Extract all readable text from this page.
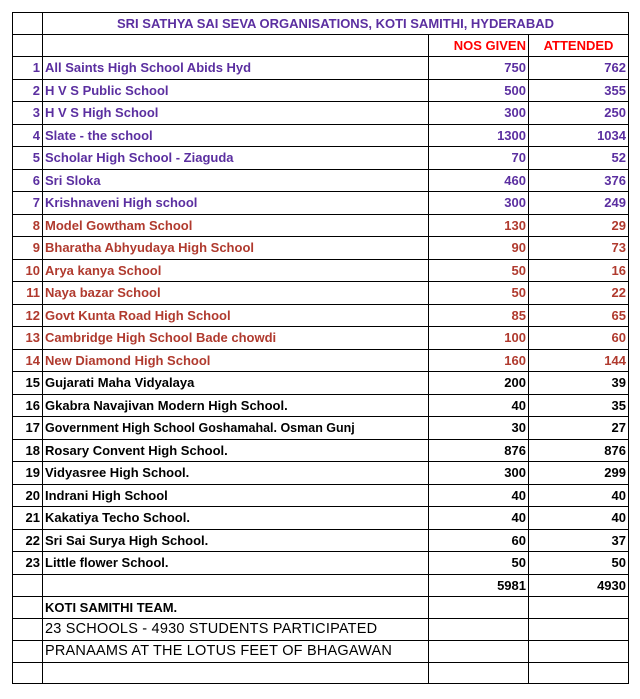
	SRI SATHYA SAI SEVA ORGANISATIONS, KOTI SAMITHI, HYDERABAD		
		NOS GIVEN	ATTENDED
1	All Saints High School Abids Hyd	750	762
2	H V S Public School	500	355
3	H V S High School	300	250
4	Slate - the school	1300	1034
5	Scholar High School - Ziaguda	70	52
6	Sri Sloka	460	376
7	Krishnaveni High school	300	249
8	Model Gowtham School	130	29
9	Bharatha Abhyudaya High School	90	73
10	Arya kanya School	50	16
11	Naya bazar School	50	22
12	Govt Kunta Road High School	85	65
13	Cambridge High School Bade chowdi	100	60
14	New Diamond High School	160	144
15	Gujarati Maha Vidyalaya	200	39
16	Gkabra Navajivan Modern High School.	40	35
17	Government High School Goshamahal. Osman Gunj	30	27
18	Rosary Convent High School.	876	876
19	Vidyasree High School.	300	299
20	Indrani High School	40	40
21	Kakatiya Techo School.	40	40
22	Sri Sai Surya High School.	60	37
23	Little flower School.	50	50
		5981	4930
	KOTI SAMITHI TEAM.		
	23 SCHOOLS - 4930 STUDENTS PARTICIPATED		
	PRANAAMS AT THE LOTUS FEET OF BHAGAWAN		
